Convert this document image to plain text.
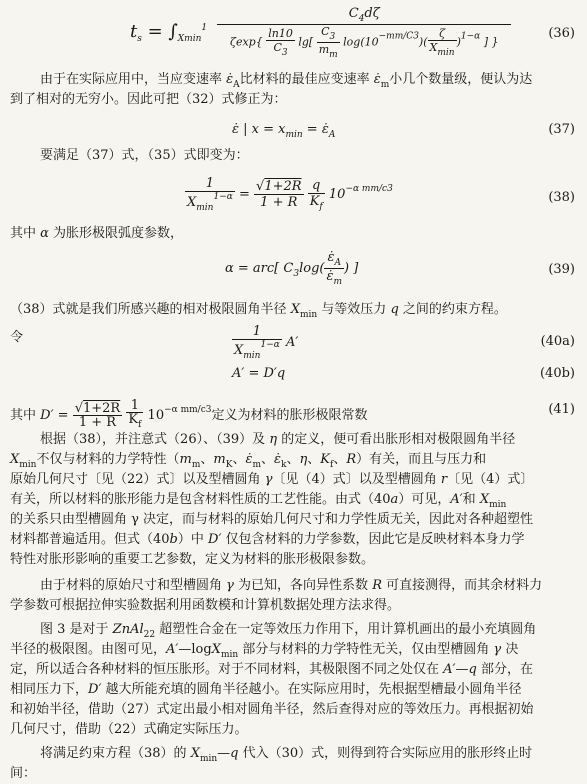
$t_s = \int_{Xmin}^1 \frac{C_4d\zeta}{\zeta\exp\{ \frac{\ln 10}{C_3} \lg[ \frac{C_3}{m_m} \log(10^{-mm/C3})( \frac{\zeta}{X_{min}} )^{1-\alpha} ] \}}$	(36)
由于在实际应用中，当应变速率 $\varepsiloṅ_A$比材料的最佳应变速率 $\varepsiloṅ_m$小几个数量级，便认为达
到了相对的无穷小。因此可把（32）式修正为：
ε̇ | $x = x_{min}$ = $\varepsiloṅ_A$	(37)
要满足（37）式，（35）式即变为：
$\frac{1}{X_{min}^{1-\alpha}} = \frac{√1+2R}{1 + R}$
$\frac{q}{K_f} 10^{-\alpha mm/c3}$
(38)
其中 α 为胀形极限弧度参数，
α = arc[ $C_3\log( \frac{\varepsiloṅ_A}{\varepsiloṅ_m}$ ) ]	(39)
（38）式就是我们所感兴趣的相对极限圆角半径 $X_{min}$ 与等效压力 q 之间的约束方程。
令	$\frac{1}{X_{min}^{1-\alpha}} A'$	(40a)
A′ = D′q	(40b)
其中 $D' = \frac{√1+2R}{1 + R}$
$\frac{1}{K_f} 10^{-\alpha mm/c3}$定义为材料的胀形极限常数	(41)
根据（38），并注意式（26）、（39）及 η 的定义，便可看出胀形相对极限圆角半径
$X_{min}$不仅与材料的力学特性（$m_m$、$m_K$、$\varepsiloṅ_m$、$\varepsiloṅ_k$、η、$K_f$、R）有关，而且与压力和
原始几何尺寸〔见（22）式〕以及型槽圆角 γ〔见（4）式〕以及型槽圆角 r〔见（4）式〕
有关，所以材料的胀形能力是包含材料性质的工艺性能。由式（40a）可见，A′和 $X_{min}$
的关系只由型槽圆角 γ 决定，而与材料的原始几何尺寸和力学性质无关，因此对各种超塑性
材料都普遍适用。但式（40b）中 D′ 仅包含材料的力学参数，因此它是反映材料本身力学
特性对胀形影响的重要工艺参数，定义为材料的胀形极限参数。
由于材料的原始尺寸和型槽圆角 γ 为已知，各向异性系数 R 可直接测得，而其余材料力
学参数可根据拉伸实验数据利用函数模和计算机数据处理方法求得。
图 3 是对于 ZnAl$_{22}$ 超塑性合金在一定等效压力作用下，用计算机画出的最小充填圆角
半径的极限图。由图可见，A′—logX$_{min}$ 部分与材料的力学特性无关，仅由型槽圆角 γ 决
定，所以适合各种材料的恒压胀形。对于不同材料，其极限图不同之处仅在 A′—q 部分，在
相同压力下，D′ 越大所能充填的圆角半径越小。在实际应用时，先根据型槽最小圆角半径
和初始半径，借助（27）式定出最小相对圆角半径，然后查得对应的等效压力。再根据初始
几何尺寸，借助（22）式确定实际压力。
将满足约束方程（38）的 $X_{min}—q$ 代入（30）式，则得到符合实际应用的胀形终止时
间：
